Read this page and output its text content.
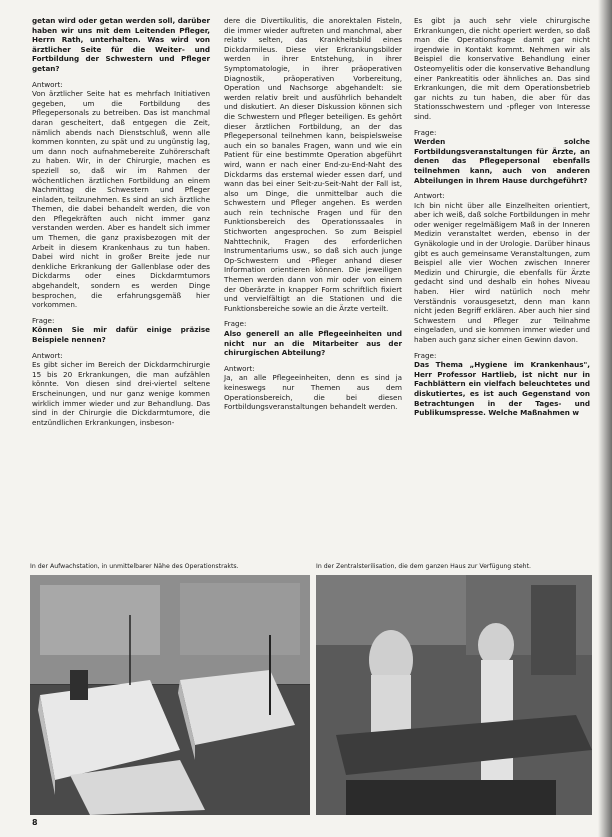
getan wird oder getan werden soll, darüber haben wir uns mit dem Leitenden Pfleger, Herrn Rath, unterhalten. Was wird von ärztlicher Seite für die Weiter- und Fortbildung der Schwestern und Pfleger getan?

Antwort:

Von ärztlicher Seite hat es mehrfach Initiativen gegeben, um die Fortbildung des Pflegepersonals zu betreiben. Das ist manchmal daran gescheitert, daß entgegen die Zeit, nämlich abends nach Dienstschluß, wenn alle kommen konnten, zu spät und zu ungünstig lag, um dann noch aufnahmebereite Zuhörerschaft zu haben. Wir, in der Chirurgie, machen es speziell so, daß wir im Rahmen der wöchentlichen ärztlichen Fortbildung an einem Nachmittag die Schwestern und Pfleger einladen, teilzunehmen. Es sind an sich ärztliche Themen, die dabei behandelt werden, die von den Pflegekräften auch nicht immer ganz verstanden werden. Aber es handelt sich immer um Themen, die ganz praxisbezogen mit der Arbeit in diesem Krankenhaus zu tun haben. Dabei wird nicht in großer Breite jede nur denkliche Erkrankung der Gallenblase oder des Dickdarms oder eines Dickdarmtumors abgehandelt, sondern es werden Dinge besprochen, die erfahrungsgemäß hier vorkommen.

Frage:

Können Sie mir dafür einige präzise Beispiele nennen?

Antwort:

Es gibt sicher im Bereich der Dickdarmchirurgie 15 bis 20 Erkrankungen, die man aufzählen könnte. Von diesen sind drei-viertel seltene Erscheinungen, und nur ganz wenige kommen wirklich immer wieder und zur Behandlung. Das sind in der Chirurgie die Dickdarmtumore, die entzündlichen Erkrankungen, insbeson-

dere die Divertikulitis, die anorektalen Fisteln, die immer wieder auftreten und manchmal, aber relativ selten, das Krankheitsbild eines Dickdarmileus. Diese vier Erkrankungsbilder werden in ihrer Entstehung, in ihrer Symptomatologie, in ihrer präoperativen Diagnostik, präoperativen Vorbereitung, Operation und Nachsorge abgehandelt: sie werden relativ breit und ausführlich behandelt und diskutiert. An dieser Diskussion können sich die Schwestern und Pfleger beteiligen. Es gehört dieser ärztlichen Fortbildung, an der das Pflegepersonal teilnehmen kann, beispielsweise auch ein so banales Fragen, wann und wie ein Patient für eine bestimmte Operation abgeführt wird, wann er nach einer End-zu-End-Naht des Dickdarms das erstemal wieder essen darf, und wann das bei einer Seit-zu-Seit-Naht der Fall ist, also um Dinge, die unmittelbar auch die Schwestern und Pfleger angehen. Es werden auch rein technische Fragen und für den Funktionsbereich des Operationssaales in Stichworten angesprochen. So zum Beispiel Nahttechnik, Fragen des erforderlichen Instrumentariums usw., so daß sich auch junge Op-Schwestern und -Pfleger anhand dieser Information orientieren können. Die jeweiligen Themen werden dann von mir oder von einem der Oberärzte in knapper Form schriftlich fixiert und vervielfältigt an die Stationen und die Funktionsbereiche sowie an die Ärzte verteilt.

Frage:

Also generell an alle Pflegeeinheiten und nicht nur an die Mitarbeiter aus der chirurgischen Abteilung?

Antwort:

Ja, an alle Pflegeeinheiten, denn es sind ja keineswegs nur Themen aus dem Operationsbereich, die bei diesen Fortbildungsveranstaltungen behandelt werden.

Es gibt ja auch sehr viele chirurgische Erkrankungen, die nicht operiert werden, so daß man die Operationsfrage damit gar nicht irgendwie in Kontakt kommt. Nehmen wir als Beispiel die konservative Behandlung einer Osteomyelitis oder die konservative Behandlung einer Pankreatitis oder ähnliches an. Das sind Erkrankungen, die mit dem Operationsbetrieb gar nichts zu tun haben, die aber für das Stationsschwestern und -pfleger von Interesse sind.

Frage:

Werden solche Fortbildungsveranstaltungen für Ärzte, an denen das Pflegepersonal ebenfalls teilnehmen kann, auch von anderen Abteilungen in Ihrem Hause durchgeführt?

Antwort:

Ich bin nicht über alle Einzelheiten orientiert, aber ich weiß, daß solche Fortbildungen in mehr oder weniger regelmäßigem Maß in der Inneren Medizin veranstaltet werden, ebenso in der Gynäkologie und in der Urologie. Darüber hinaus gibt es auch gemeinsame Veranstaltungen, zum Beispiel alle vier Wochen zwischen Innerer Medizin und Chirurgie, die ebenfalls für Ärzte gedacht sind und deshalb ein hohes Niveau haben. Hier wird natürlich noch mehr Verständnis vorausgesetzt, denn man kann nicht jeden Begriff erklären. Aber auch hier sind Schwestern und Pfleger zur Teilnahme eingeladen, und sie kommen immer wieder und haben auch ganz sicher einen Gewinn davon.

Frage:

Das Thema „Hygiene im Krankenhaus", Herr Professor Hartlieb, ist nicht nur in Fachblättern ein vielfach beleuchtetes und diskutiertes, es ist auch Gegenstand von Betrachtungen in der Tages- und Publikumspresse. Welche Maßnahmen w

In der Aufwachstation, in unmittelbarer Nähe des Operationstrakts.	In der Zentralsterilisation, die dem ganzen Haus zur Verfügung steht.
8
